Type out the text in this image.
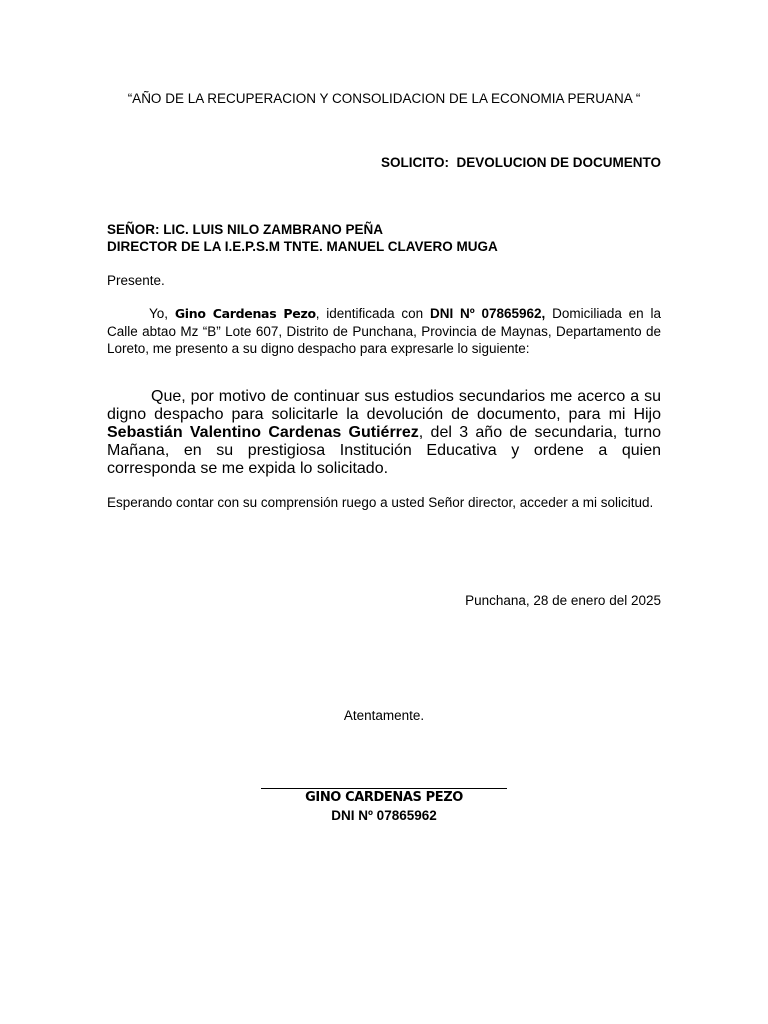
“AÑO DE LA RECUPERACION Y CONSOLIDACION DE LA ECONOMIA PERUANA “
SOLICITO:  DEVOLUCION DE DOCUMENTO
SEÑOR: LIC. LUIS NILO ZAMBRANO PEÑA
DIRECTOR DE LA I.E.P.S.M TNTE. MANUEL CLAVERO MUGA
Presente.
Yo, Gino Cardenas Pezo, identificada con DNI Nº 07865962, Domiciliada en la Calle abtao Mz “B” Lote 607, Distrito de Punchana, Provincia de Maynas, Departamento de Loreto, me presento a su digno despacho para expresarle lo siguiente:
Que, por motivo de continuar sus estudios secundarios me acerco a su digno despacho para solicitarle la devolución de documento, para mi Hijo Sebastián Valentino Cardenas Gutiérrez, del 3 año de secundaria, turno Mañana, en su prestigiosa Institución Educativa y ordene a quien corresponda se me expida lo solicitado.
Esperando contar con su comprensión ruego a usted Señor director, acceder a mi solicitud.
Punchana, 28 de enero del 2025
Atentamente.
GINO CARDENAS PEZO
DNI Nº 07865962
